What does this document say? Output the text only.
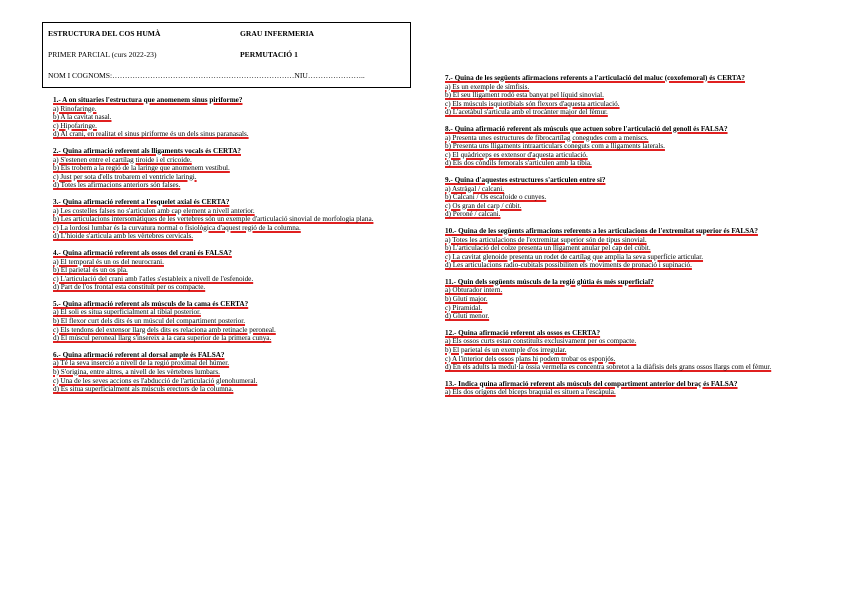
ESTRUCTURA DEL COS HUMÀ	GRAU INFERMERIA
PRIMER PARCIAL (curs 2022-23)	PERMUTACIÓ 1
NOM I COGNOMS:………………………………………………………………NIU…………………..
1.- A on situaries l'estructura que anomenem sinus piriforme?
a) Rinofaringe.
b) A la cavitat nasal.
c) Hipofaringe.
d) Al crani, en realitat el sinus piriforme és un dels sinus paranasals.
2.- Quina afirmació referent als lligaments vocals és CERTA?
a) S'estenen entre el cartílag tiroide i el cricoide.
b) Els trobem a la regió de la laringe que anomenem vestíbul.
c) Just per sota d'ells trobarem el ventricle laringi.
d) Totes les afirmacions anteriors són falses.
3.- Quina afirmació referent a l'esquelet axial és CERTA?
a) Les costelles falses no s'articulen amb cap element a nivell anterior.
b) Les articulacions intersomàtiques de les vertebres són un exemple d'articulació sinovial de morfologia plana.
c) La lordosi lumbar és la curvatura normal o fisiològica d'aquest regió de la columna.
d) L'hioide s'articula amb les vèrtebres cervicals.
4.- Quina afirmació referent als ossos del crani és FALSA?
a) El temporal és un os del neurocrani.
b) El parietal és un os pla.
c) L'articulació del crani amb l'atles s'estableix a nivell de l'esfenoide.
d) Part de l'os frontal esta constituït per os compacte.
5.- Quina afirmació referent als músculs de la cama és CERTA?
a) El soli es situa superficialment al tibial posterior.
b) El flexor curt dels dits és un múscul del compartiment posterior.
c) Els tendons del extensor llarg dels dits es relaciona amb retinacle peroneal.
d) El múscul peroneal llarg s'insereix a la cara superior de la primera cunya.
6.- Quina afirmació referent al dorsal ample és FALSA?
a) Té la seva inserció a nivell de la regió proximal del húmer.
b) S'origina, entre altres, a nivell de les vèrtebres lumbars.
c) Una de les seves accions es l'abducció de l'articulació glenohumeral.
d) Es situa superficialment als músculs erectors de la columna.
7.- Quina de les següents afirmacions referents a l'articulació del maluc (coxofemoral) és CERTA?
a) Es un exemple de símfisis.
b) El seu lligament rodó esta banyat pel líquid sinovial.
c) Els músculs isquiotibials són flexors d'aquesta articulació.
d) L'acetàbul s'articula amb el trocànter major del fèmur.
8.- Quina afirmació referent als músculs que actuen sobre l'articulació del genoll és FALSA?
a) Presenta unes estructures de fibrocartílag conegudes com a meniscs.
b) Presenta uns lligaments intraarticulars coneguts com a lligaments laterals.
c) El quàdriceps es extensor d'aquesta articulació.
d) Els dos còndils femorals s'articulen amb la tíbia.
9.- Quina d'aquestes estructures s'articulen entre si?
a) Astràgal / calcani.
b) Calcani / Os escafoide o cunyes.
c) Os gran del carp / cúbit.
d) Peroné / calcani.
10.- Quina de les següents afirmacions referents a les articulacions de l'extremitat superior és FALSA?
a) Totes les articulacions de l'extremitat superior són de tipus sinovial.
b) L'articulació del colze presenta un lligament anular pel cap del cúbit.
c) La cavitat glenoide presenta un rodet de cartílag que amplia la seva superfície articular.
d) Les articulacions radio-cubitals possibiliten els moviments de pronació i supinació.
11.- Quin dels següents músculs de la regió glútia és més superficial?
a) Obturador intern.
b) Glutí major.
c) Piramidal.
d) Glutí menor.
12.- Quina afirmació referent als ossos es CERTA?
a) Els ossos curts estan constituïts exclusivament per os compacte.
b) El parietal és un exemple d'os irregular.
c) A l'interior dels ossos plans hi podem trobar os esponjós.
d) En els adults la medul·la òssia vermella es concentra sobretot a la diàfisis dels grans ossos llargs com el fèmur.
13.- Indica quina afirmació referent als músculs del compartiment anterior del braç és FALSA?
a) Els dos orígens del bíceps braquial es situen a l'escàpula.
